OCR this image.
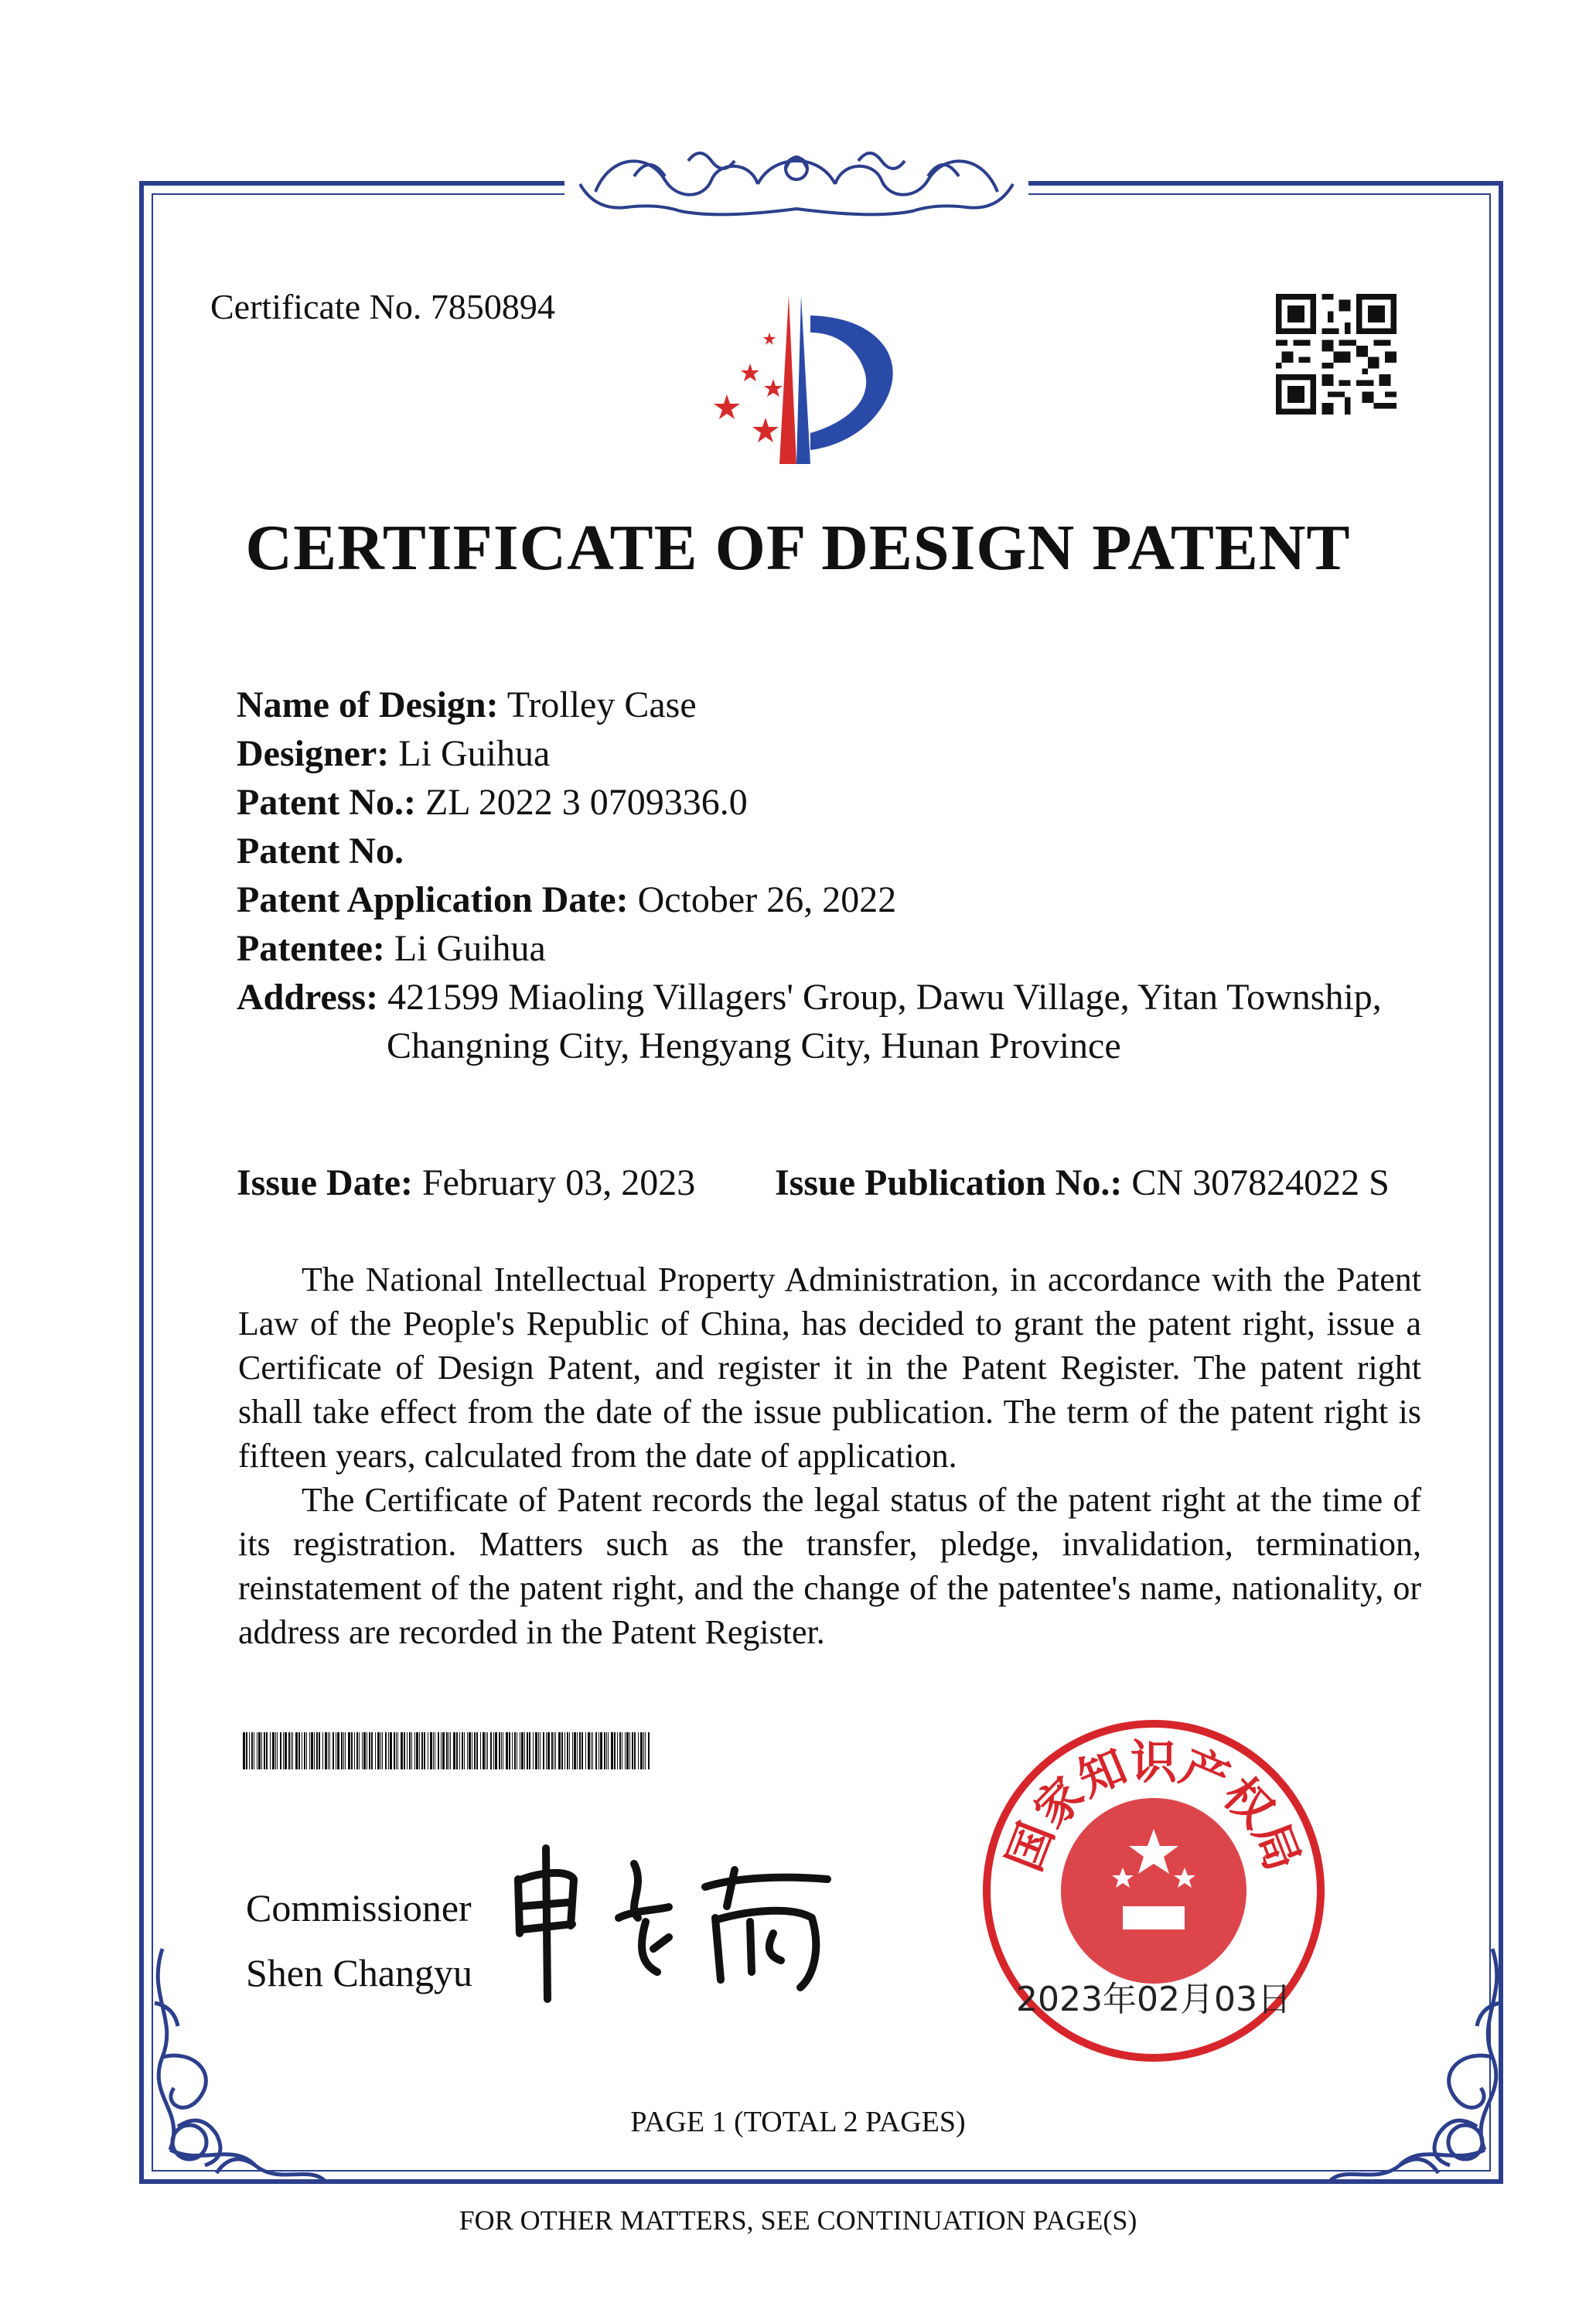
Certificate No. 7850894
CERTIFICATE OF DESIGN PATENT
Name of Design: Trolley Case
Designer: Li Guihua
Patent No.: ZL 2022 3 0709336.0
Patent No.
Patent Application Date: October 26, 2022
Patentee: Li Guihua
Address: 421599 Miaoling Villagers' Group, Dawu Village, Yitan Township,
Changning City, Hengyang City, Hunan Province
Issue Date: February 03, 2023 Issue Publication No.: CN 307824022 S

The National Intellectual Property Administration, in accordance with the Patent Law of the People's Republic of China, has decided to grant the patent right, issue a Certificate of Design Patent, and register it in the Patent Register. The patent right shall take effect from the date of the issue publication. The term of the patent right is fifteen years, calculated from the date of application.

The Certificate of Patent records the legal status of the patent right at the time of its registration. Matters such as the transfer, pledge, invalidation, termination, reinstatement of the patent right, and the change of the patentee's name, nationality, or address are recorded in the Patent Register.

Commissioner
Shen Changyu
国家知识产权局
2023年02月03日
PAGE 1 (TOTAL 2 PAGES)
FOR OTHER MATTERS, SEE CONTINUATION PAGE(S)
